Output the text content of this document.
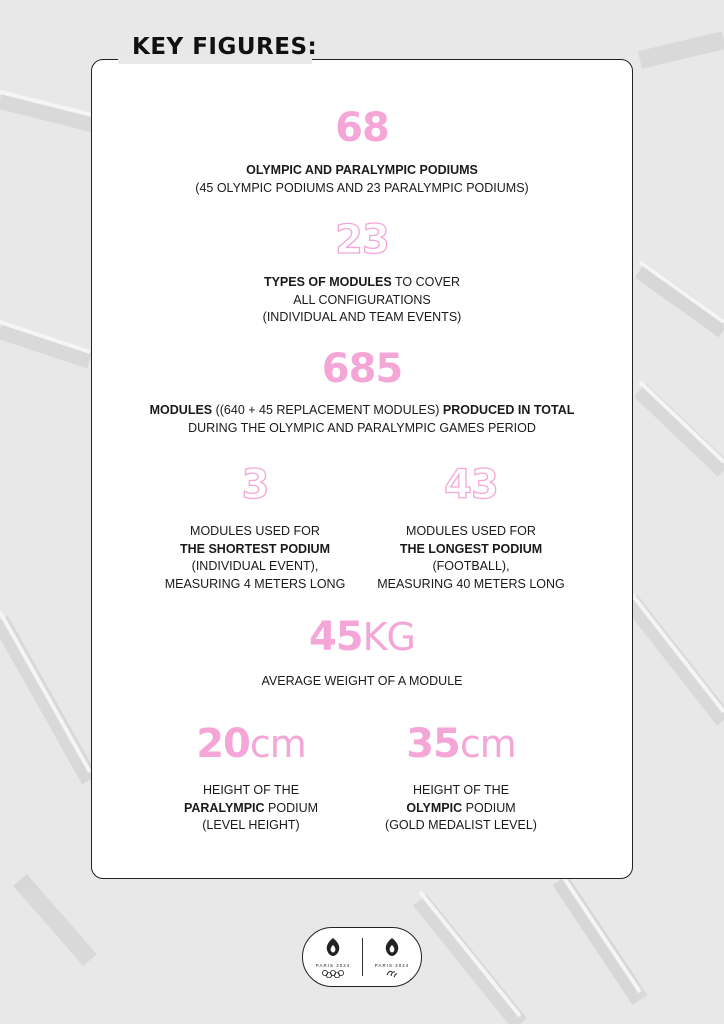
68
OLYMPIC AND PARALYMPIC PODIUMS
(45 OLYMPIC PODIUMS AND 23 PARALYMPIC PODIUMS)
23
TYPES OF MODULES TO COVER
ALL CONFIGURATIONS
(INDIVIDUAL AND TEAM EVENTS)
685
MODULES ((640 + 45 REPLACEMENT MODULES) PRODUCED IN TOTAL
DURING THE OLYMPIC AND PARALYMPIC GAMES PERIOD
3
MODULES USED FOR
THE SHORTEST PODIUM
(INDIVIDUAL EVENT),
MEASURING 4 METERS LONG
43
MODULES USED FOR
THE LONGEST PODIUM
(FOOTBALL),
MEASURING 40 METERS LONG
45KG
AVERAGE WEIGHT OF A MODULE
20cm
HEIGHT OF THE
PARALYMPIC PODIUM
(LEVEL HEIGHT)
35cm
HEIGHT OF THE
OLYMPIC PODIUM
(GOLD MEDALIST LEVEL)
KEY FIGURES:
PARIS 2024	PARIS 2024
